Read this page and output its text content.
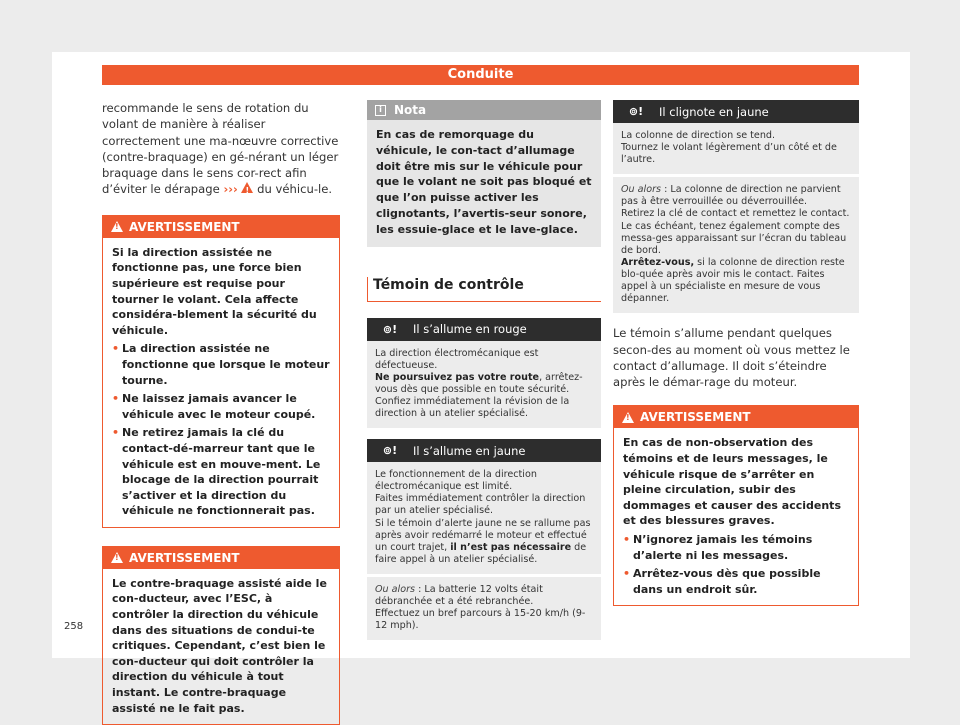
Conduite

recommande le sens de rotation du volant de manière à réaliser correctement une ma-nœuvre corrective (contre-braquage) en gé-nérant un léger braquage dans le sens cor-rect afin d’éviter le dérapage ››› ! du véhicu-le.

!
AVERTISSEMENT

Si la direction assistée ne fonctionne pas, une force bien supérieure est requise pour tourner le volant. Cela affecte considéra-blement la sécurité du véhicule.

• La direction assistée ne fonctionne que lorsque le moteur tourne.
• Ne laissez jamais avancer le véhicule avec le moteur coupé.
• Ne retirez jamais la clé du contact-dé-marreur tant que le véhicule est en mouve-ment. Le blocage de la direction pourrait s’activer et la direction du véhicule ne fonctionnerait pas.
!
AVERTISSEMENT

Le contre-braquage assisté aide le con-ducteur, avec l’ESC, à contrôler la direction du véhicule dans des situations de condui-te critiques. Cependant, c’est bien le con-ducteur qui doit contrôler la direction du véhicule à tout instant. Le contre-braquage assisté ne le fait pas.

i	Nota
En cas de remorquage du véhicule, le con-tact d’allumage doit être mis sur le véhicule pour que le volant ne soit pas bloqué et que l’on puisse activer les clignotants, l’avertis-seur sonore, les essuie-glace et le lave-glace.
Témoin de contrôle
⊚!	Il s’allume en rouge
La direction électromécanique est défectueuse.
Ne poursuivez pas votre route, arrêtez-vous dès que possible en toute sécurité.
Confiez immédiatement la révision de la direction à un atelier spécialisé.
⊚!	Il s’allume en jaune
Le fonctionnement de la direction électromécanique est limité.
Faites immédiatement contrôler la direction par un atelier spécialisé.
Si le témoin d’alerte jaune ne se rallume pas après avoir redémarré le moteur et effectué un court trajet, il n’est pas nécessaire de faire appel à un atelier spécialisé.
Ou alors : La batterie 12 volts était débranchée et a été rebranchée.
Effectuez un bref parcours à 15-20 km/h (9-12 mph).
⊚!	Il clignote en jaune
La colonne de direction se tend.
Tournez le volant légèrement d’un côté et de l’autre.
Ou alors : La colonne de direction ne parvient pas à être verrouillée ou déverrouillée.
Retirez la clé de contact et remettez le contact. Le cas échéant, tenez également compte des messa-ges apparaissant sur l’écran du tableau de bord.
Arrêtez-vous, si la colonne de direction reste blo-quée après avoir mis le contact. Faites appel à un spécialiste en mesure de vous dépanner.

Le témoin s’allume pendant quelques secon-des au moment où vous mettez le contact d’allumage. Il doit s’éteindre après le démar-rage du moteur.

!
AVERTISSEMENT

En cas de non-observation des témoins et de leurs messages, le véhicule risque de s’arrêter en pleine circulation, subir des dommages et causer des accidents et des blessures graves.

• N’ignorez jamais les témoins d’alerte ni les messages.
• Arrêtez-vous dès que possible dans un endroit sûr.
258
